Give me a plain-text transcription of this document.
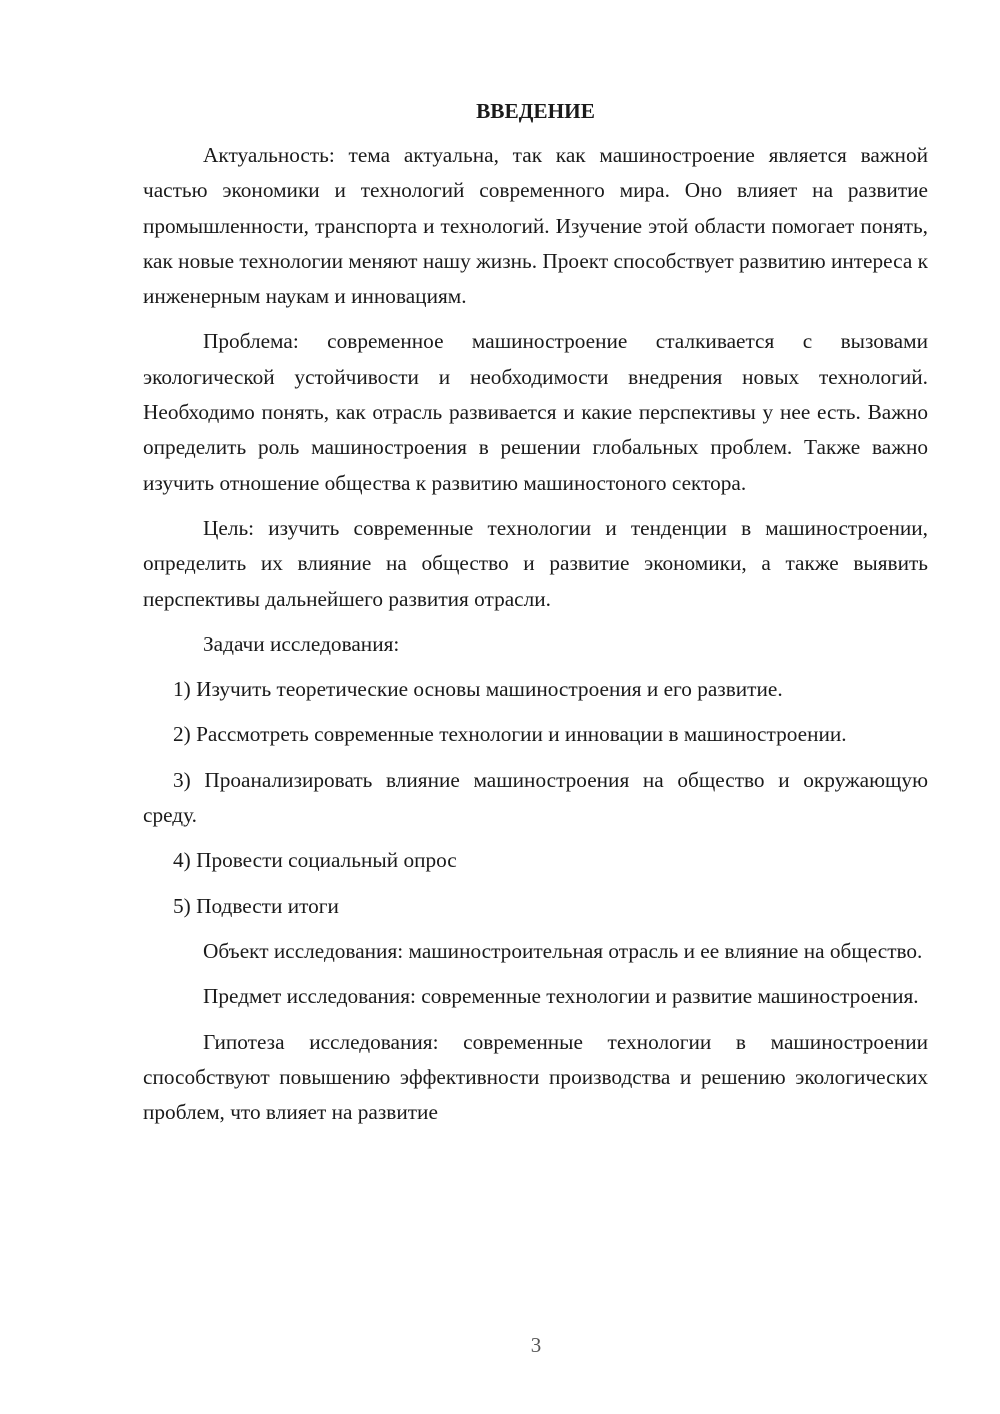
ВВЕДЕНИЕ

Актуальность: тема актуальна, так как машиностроение является важной частью экономики и технологий современного мира. Оно влияет на развитие промышленности, транспорта и технологий. Изучение этой области помогает понять, как новые технологии меняют нашу жизнь. Проект способствует развитию интереса к инженерным наукам и инновациям.

Проблема: современное машиностроение сталкивается с вызовами экологической устойчивости и необходимости внедрения новых технологий. Необходимо понять, как отрасль развивается и какие перспективы у нее есть. Важно определить роль машиностроения в решении глобальных проблем. Также важно изучить отношение общества к развитию машиностоного сектора.

Цель: изучить современные технологии и тенденции в машиностроении, определить их влияние на общество и развитие экономики, а также выявить перспективы дальнейшего развития отрасли.

Задачи исследования:

1) Изучить теоретические основы машиностроения и его развитие.

2) Рассмотреть современные технологии и инновации в машиностроении.

3) Проанализировать влияние машиностроения на общество и окружающую среду.

4) Провести социальный опрос

5) Подвести итоги

Объект исследования: машиностроительная отрасль и ее влияние на общество.

Предмет исследования: современные технологии и развитие машиностроения.

Гипотеза исследования: современные технологии в машиностроении способствуют повышению эффективности производства и решению экологических проблем, что влияет на развитие

3
